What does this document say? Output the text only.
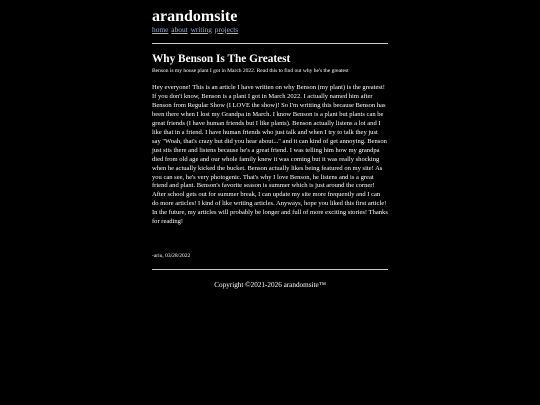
arandomsite
home about writing projects
Why Benson Is The Greatest
Benson is my house plant I got in March 2022. Read this to find out why he's the greatest

Hey everyone! This is an article I have written on why Benson (my plant) is the greatest! If you don't know, Benson is a plant I got in March 2022. I actually named him after Benson from Regular Show (I LOVE the show)! So I'm writting this because Benson has been there when I lost my Grandpa in March. I know Benson is a plant but plants can be great friends (I have human friends but I like plants). Benson actually listens a lot and I like that in a friend. I have human friends who just talk and when I try to talk they just say "Woah, that's crazy but did you hear about..." and it can kind of get annoying. Benson just sits there and listens because he's a great friend. I was telling him how my grandpa died from old age and our whole family knew it was coming but it was really shocking when he actually kicked the bucket. Benson actually likes being featured on my site! As you can see, he's very photogenic. That's why I love Benson, he listens and is a great friend and plant. Benson's favorite season is summer which is just around the corner! After school gets out for summer break, I can update my site more frequently and I can do more articles! I kind of like writing articles. Anyways, hope you liked this first article! In the future, my articles will probably be longer and full of more exciting stories! Thanks for reading!

-ariu, 03/28/2022
Copyright ©2021-2026 arandomsite™
